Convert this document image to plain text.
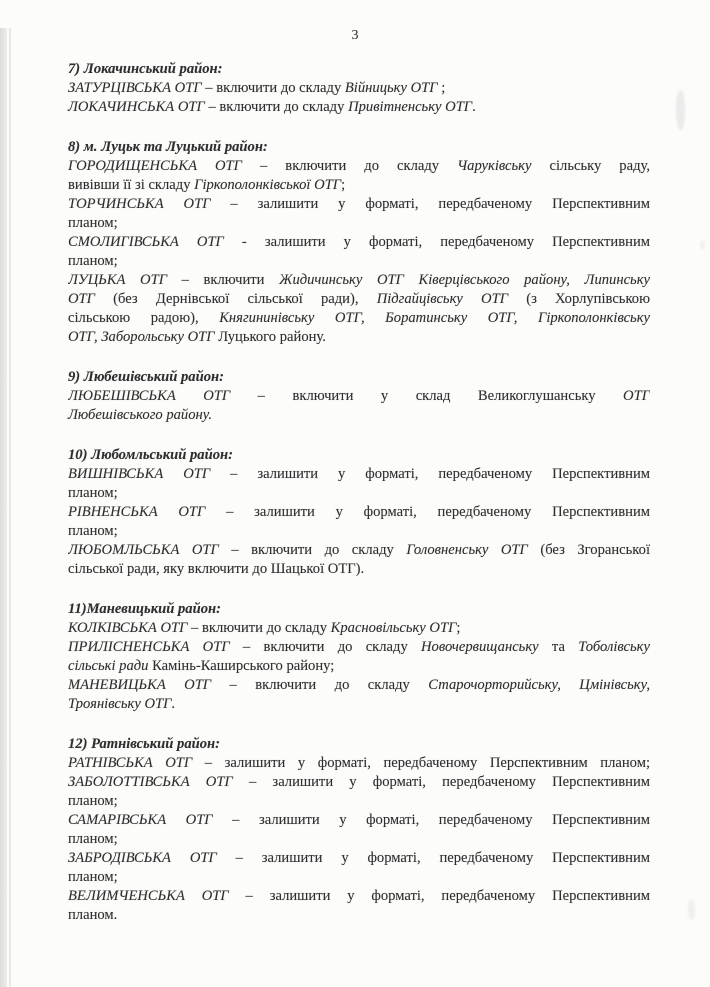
3
7) Локачинський район:
ЗАТУРЦІВСЬКА ОТГ – включити до складу Війницьку ОТГ ;
ЛОКАЧИНСЬКА ОТГ – включити до складу Привітненську ОТГ.
8) м. Луцьк та Луцький район:
ГОРОДИЩЕНСЬКА ОТГ – включити до складу Чаруківську сільську раду,
вивівши її зі складу Гіркополонківської ОТГ;
ТОРЧИНСЬКА ОТГ – залишити у форматі, передбаченому Перспективним
планом;
СМОЛИГІВСЬКА ОТГ - залишити у форматі, передбаченому Перспективним
планом;
ЛУЦЬКА ОТГ – включити Жидичинську ОТГ Ківерцівського району, Липинську
ОТГ (без Дернівської сільської ради), Підгайцівську ОТГ (з Хорлупівською
сільською радою), Княгининівську ОТГ, Боратинську ОТГ, Гіркополонківську
ОТГ, Заборольську ОТГ Луцького району.
9) Любешівський район:
ЛЮБЕШІВСЬКА ОТГ – включити у склад Великоглушанську ОТГ
Любешівського району.
10) Любомльський район:
ВИШНІВСЬКА ОТГ – залишити у форматі, передбаченому Перспективним
планом;
РІВНЕНСЬКА ОТГ – залишити у форматі, передбаченому Перспективним
планом;
ЛЮБОМЛЬСЬКА ОТГ – включити до складу Головненську ОТГ (без Згоранської
сільської ради, яку включити до Шацької ОТГ).
11)Маневицький район:
КОЛКІВСЬКА ОТГ – включити до складу Красновільську ОТГ;
ПРИЛІСНЕНСЬКА ОТГ – включити до складу Новочервищанську та Тоболівську
сільські ради Камінь-Каширського району;
МАНЕВИЦЬКА ОТГ – включити до складу Старочорторийську, Цмінівську,
Троянівську ОТГ.
12) Ратнівський район:
РАТНІВСЬКА ОТГ – залишити у форматі, передбаченому Перспективним планом;
ЗАБОЛОТТІВСЬКА ОТГ – залишити у форматі, передбаченому Перспективним
планом;
САМАРІВСЬКА ОТГ – залишити у форматі, передбаченому Перспективним
планом;
ЗАБРОДІВСЬКА ОТГ – залишити у форматі, передбаченому Перспективним
планом;
ВЕЛИМЧЕНСЬКА ОТГ – залишити у форматі, передбаченому Перспективним
планом.
